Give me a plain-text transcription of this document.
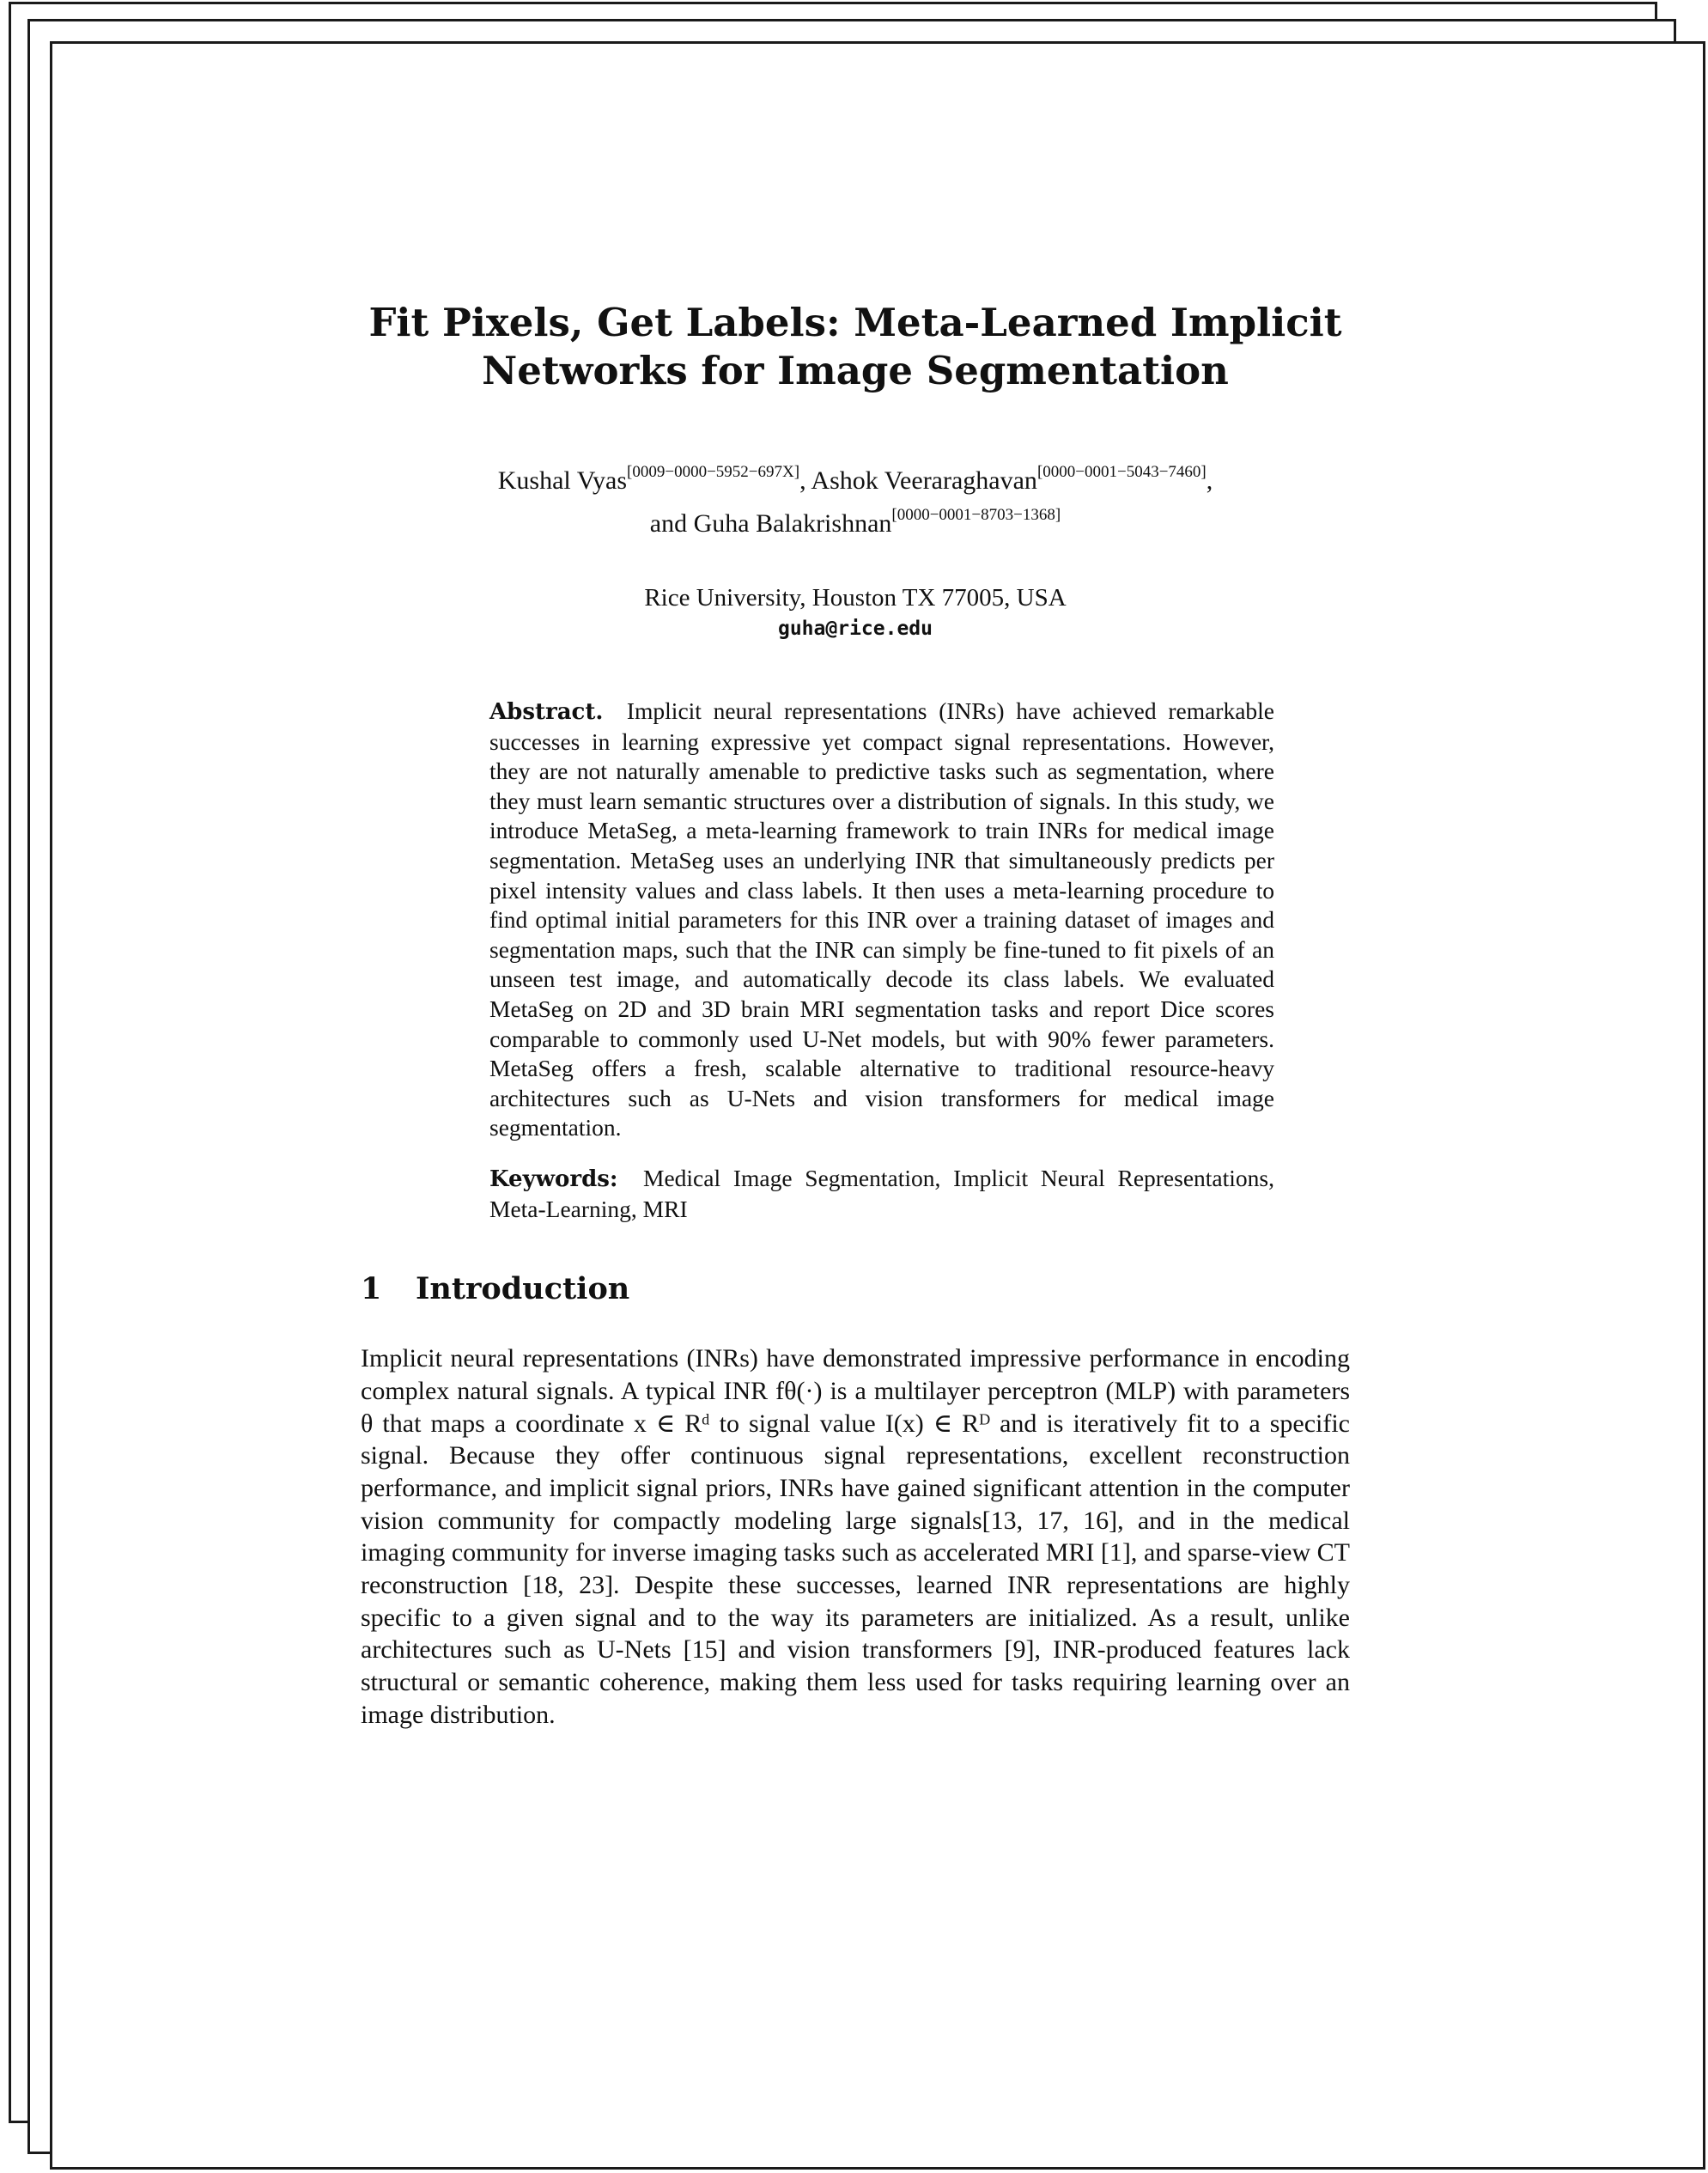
Fit Pixels, Get Labels: Meta-Learned Implicit Networks for Image Segmentation
Kushal Vyas[0009−0000−5952−697X], Ashok Veeraraghavan[0000−0001−5043−7460],
and Guha Balakrishnan[0000−0001−8703−1368]
Rice University, Houston TX 77005, USA
guha@rice.edu

Abstract. Implicit neural representations (INRs) have achieved remarkable successes in learning expressive yet compact signal representations. However, they are not naturally amenable to predictive tasks such as segmentation, where they must learn semantic structures over a distribution of signals. In this study, we introduce MetaSeg, a meta-learning framework to train INRs for medical image segmentation. MetaSeg uses an underlying INR that simultaneously predicts per pixel intensity values and class labels. It then uses a meta-learning procedure to find optimal initial parameters for this INR over a training dataset of images and segmentation maps, such that the INR can simply be fine-tuned to fit pixels of an unseen test image, and automatically decode its class labels. We evaluated MetaSeg on 2D and 3D brain MRI segmentation tasks and report Dice scores comparable to commonly used U-Net models, but with 90% fewer parameters. MetaSeg offers a fresh, scalable alternative to traditional resource-heavy architectures such as U-Nets and vision transformers for medical image segmentation.

Keywords: Medical Image Segmentation, Implicit Neural Representations, Meta-Learning, MRI

1 Introduction

Implicit neural representations (INRs) have demonstrated impressive performance in encoding complex natural signals. A typical INR fθ(·) is a multilayer perceptron (MLP) with parameters θ that maps a coordinate x ∈ Rᵈ to signal value I(x) ∈ Rᴰ and is iteratively fit to a specific signal. Because they offer continuous signal representations, excellent reconstruction performance, and implicit signal priors, INRs have gained significant attention in the computer vision community for compactly modeling large signals[13, 17, 16], and in the medical imaging community for inverse imaging tasks such as accelerated MRI [1], and sparse-view CT reconstruction [18, 23]. Despite these successes, learned INR representations are highly specific to a given signal and to the way its parameters are initialized. As a result, unlike architectures such as U-Nets [15] and vision transformers [9], INR-produced features lack structural or semantic coherence, making them less used for tasks requiring learning over an image distribution.
